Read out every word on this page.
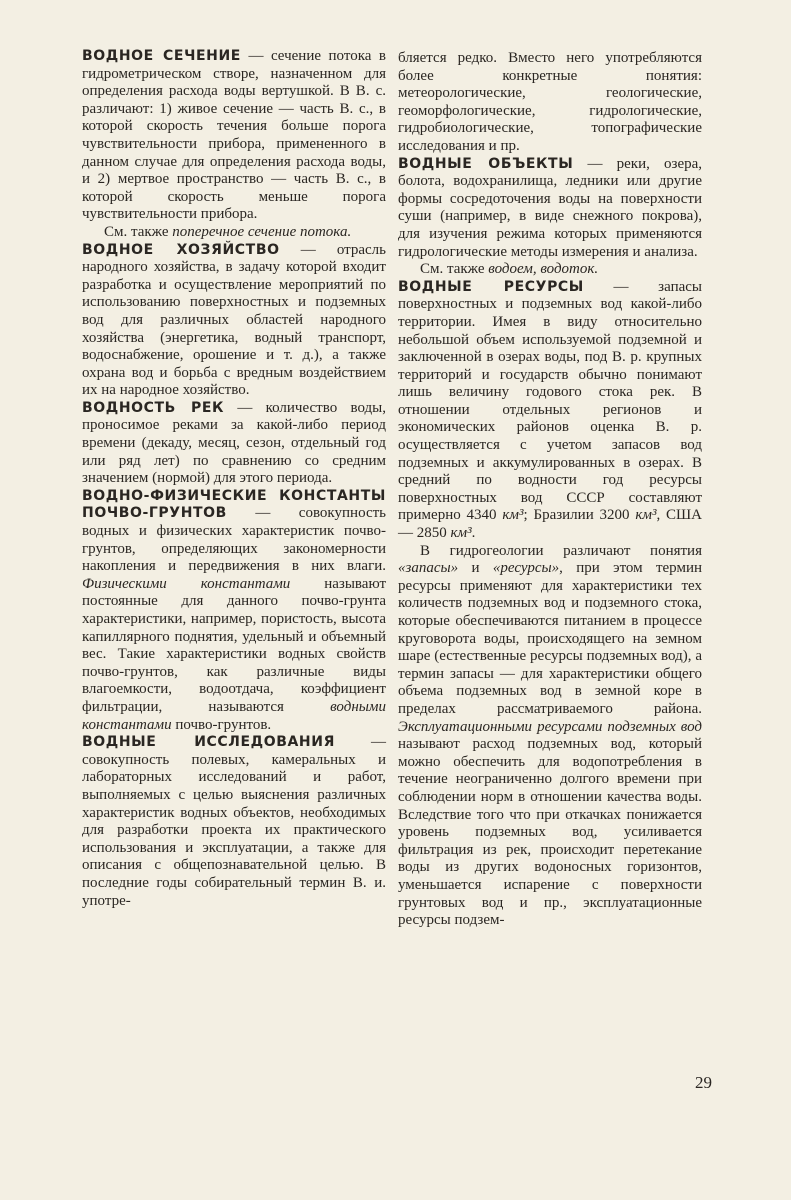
ВОДНОЕ СЕЧЕНИЕ — сечение потока в гидрометрическом створе, назначенном для определения расхода воды вертушкой. В В. с. различают: 1) живое сечение — часть В. с., в которой скорость течения больше порога чувствительности прибора, примененного в данном случае для определения расхода воды, и 2) мертвое пространство — часть В. с., в которой скорость меньше порога чувствительности прибора.

См. также поперечное сечение потока.

ВОДНОЕ ХОЗЯЙСТВО — отрасль народного хозяйства, в задачу которой входит разработка и осуществление мероприятий по использованию поверхностных и подземных вод для различных областей народного хозяйства (энергетика, водный транспорт, водоснабжение, орошение и т. д.), а также охрана вод и борьба с вредным воздействием их на народное хозяйство.

ВОДНОСТЬ РЕК — количество воды, проносимое реками за какой-либо период времени (декаду, месяц, сезон, отдельный год или ряд лет) по сравнению со средним значением (нормой) для этого периода.

ВОДНО-ФИЗИЧЕСКИЕ КОНСТАНТЫ ПОЧВО-ГРУНТОВ — совокупность водных и физических характеристик почво-грунтов, определяющих закономерности накопления и передвижения в них влаги. Физическими константами называют постоянные для данного почво-грунта характеристики, например, пористость, высота капиллярного поднятия, удельный и объемный вес. Такие характеристики водных свойств почво-грунтов, как различные виды влагоемкости, водоотдача, коэффициент фильтрации, называются водными константами почво-грунтов.

ВОДНЫЕ ИССЛЕДОВАНИЯ — совокупность полевых, камеральных и лабораторных исследований и работ, выполняемых с целью выяснения различных характеристик водных объектов, необходимых для разработки проекта их практического использования и эксплуатации, а также для описания с общепознавательной целью. В последние годы собирательный термин В. и. употре-

бляется редко. Вместо него употребляются более конкретные понятия: метеорологические, геологические, геоморфологические, гидрологические, гидробиологические, топографические исследования и пр.

ВОДНЫЕ ОБЪЕКТЫ — реки, озера, болота, водохранилища, ледники или другие формы сосредоточения воды на поверхности суши (например, в виде снежного покрова), для изучения режима которых применяются гидрологические методы измерения и анализа.

См. также водоем, водоток.

ВОДНЫЕ РЕСУРСЫ — запасы поверхностных и подземных вод какой-либо территории. Имея в виду относительно небольшой объем используемой подземной и заключенной в озерах воды, под В. р. крупных территорий и государств обычно понимают лишь величину годового стока рек. В отношении отдельных регионов и экономических районов оценка В. р. осуществляется с учетом запасов вод подземных и аккумулированных в озерах. В средний по водности год ресурсы поверхностных вод СССР составляют примерно 4340 км³; Бразилии 3200 км³, США — 2850 км³.

В гидрогеологии различают понятия «запасы» и «ресурсы», при этом термин ресурсы применяют для характеристики тех количеств подземных вод и подземного стока, которые обеспечиваются питанием в процессе круговорота воды, происходящего на земном шаре (естественные ресурсы подземных вод), а термин запасы — для характеристики общего объема подземных вод в земной коре в пределах рассматриваемого района. Эксплуатационными ресурсами подземных вод называют расход подземных вод, который можно обеспечить для водопотребления в течение неограниченно долгого времени при соблюдении норм в отношении качества воды. Вследствие того что при откачках понижается уровень подземных вод, усиливается фильтрация из рек, происходит перетекание воды из других водоносных горизонтов, уменьшается испарение с поверхности грунтовых вод и пр., эксплуатационные ресурсы подзем-

29
